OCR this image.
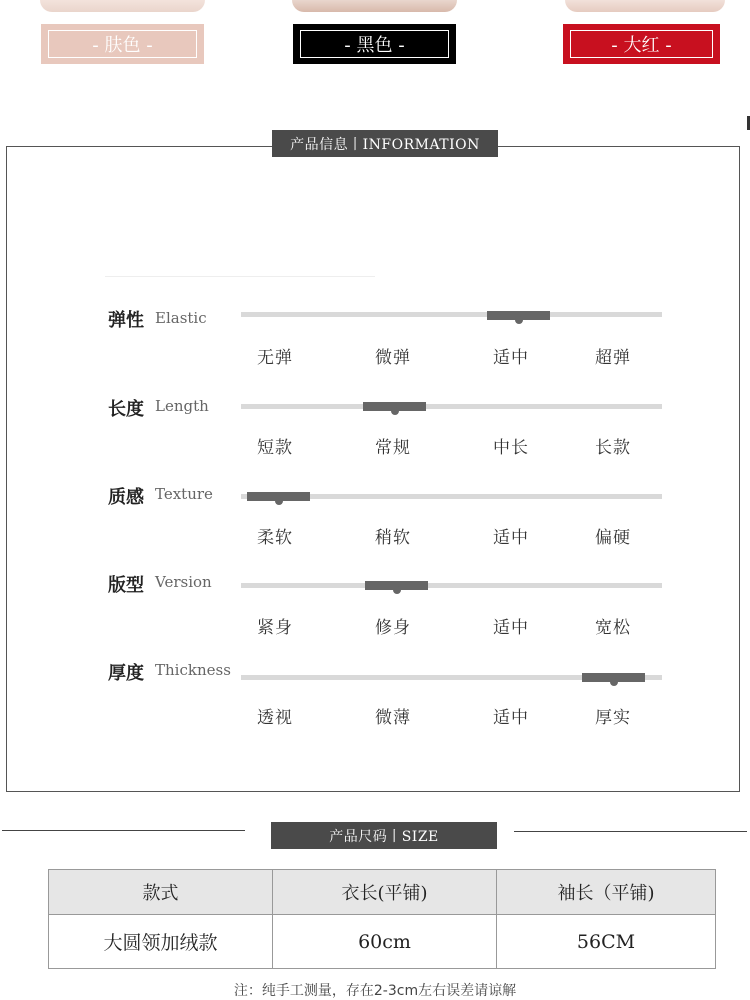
- 肤色 -	- 黑色 -	- 大红 -
产品信息丨INFORMATION
弹性 Elastic
无弹	微弹	适中	超弹
长度 Length
短款	常规	中长	长款
质感 Texture
柔软	稍软	适中	偏硬
版型 Version
紧身	修身	适中	宽松
厚度 Thickness
透视	微薄	适中	厚实
产品尺码丨SIZE
款式	衣长(平铺)	袖长（平铺)
大圆领加绒款	60cm	56CM
注：纯手工测量，存在2-3cm左右误差请谅解
